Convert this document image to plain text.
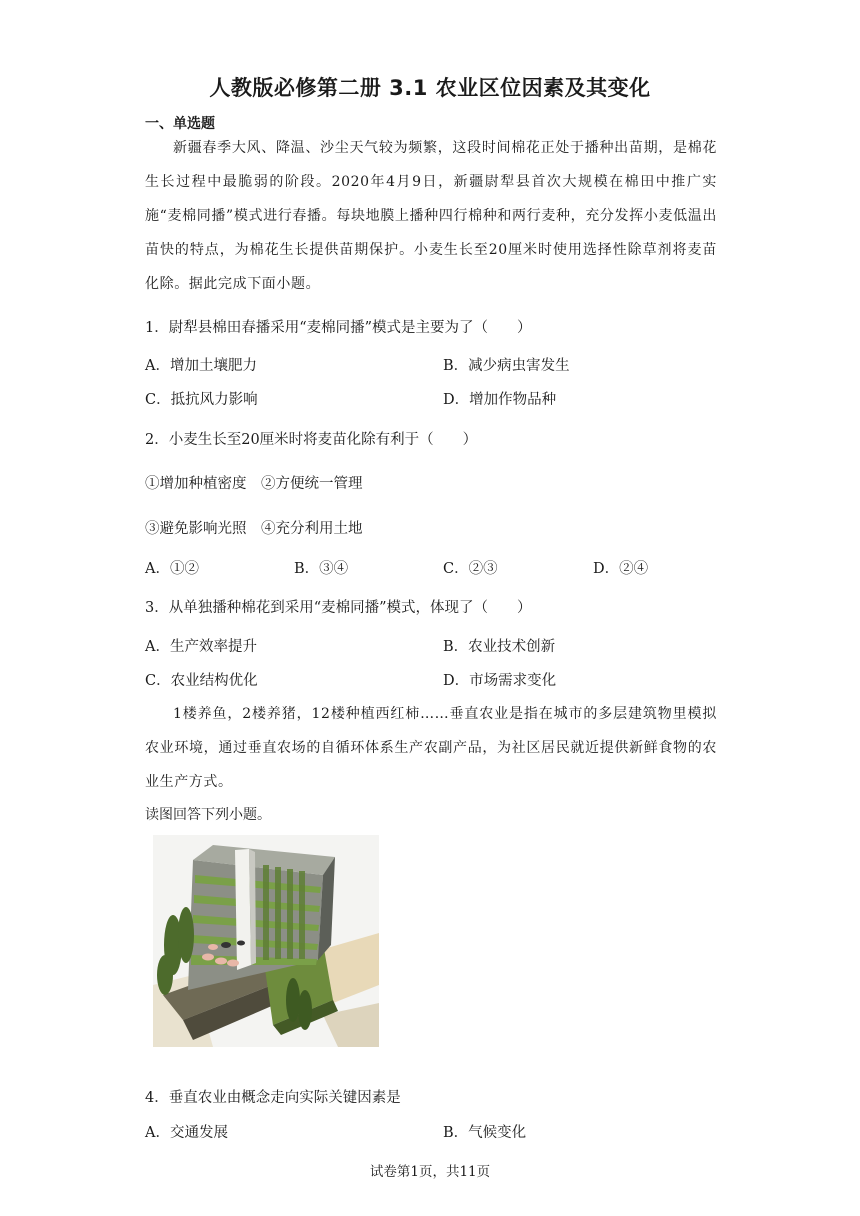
人教版必修第二册 3.1 农业区位因素及其变化
一、单选题
新疆春季大风、降温、沙尘天气较为频繁，这段时间棉花正处于播种出苗期，是棉花生长过程中最脆弱的阶段。2020年4月9日，新疆尉犁县首次大规模在棉田中推广实施“麦棉同播”模式进行春播。每块地膜上播种四行棉种和两行麦种，充分发挥小麦低温出苗快的特点，为棉花生长提供苗期保护。小麦生长至20厘米时使用选择性除草剂将麦苗化除。据此完成下面小题。
1．尉犁县棉田春播采用“麦棉同播”模式是主要为了（　　）
A．增加土壤肥力	B．减少病虫害发生
C．抵抗风力影响	D．增加作物品种
2．小麦生长至20厘米时将麦苗化除有利于（　　）
①增加种植密度　②方便统一管理
③避免影响光照　④充分利用土地
A．①②	B．③④	C．②③	D．②④
3．从单独播种棉花到采用“麦棉同播”模式，体现了（　　）
A．生产效率提升	B．农业技术创新
C．农业结构优化	D．市场需求变化
1楼养鱼，2楼养猪，12楼种植西红柿……垂直农业是指在城市的多层建筑物里模拟农业环境，通过垂直农场的自循环体系生产农副产品，为社区居民就近提供新鲜食物的农业生产方式。
读图回答下列小题。
4．垂直农业由概念走向实际关键因素是
A．交通发展	B．气候变化
试卷第1页，共11页
